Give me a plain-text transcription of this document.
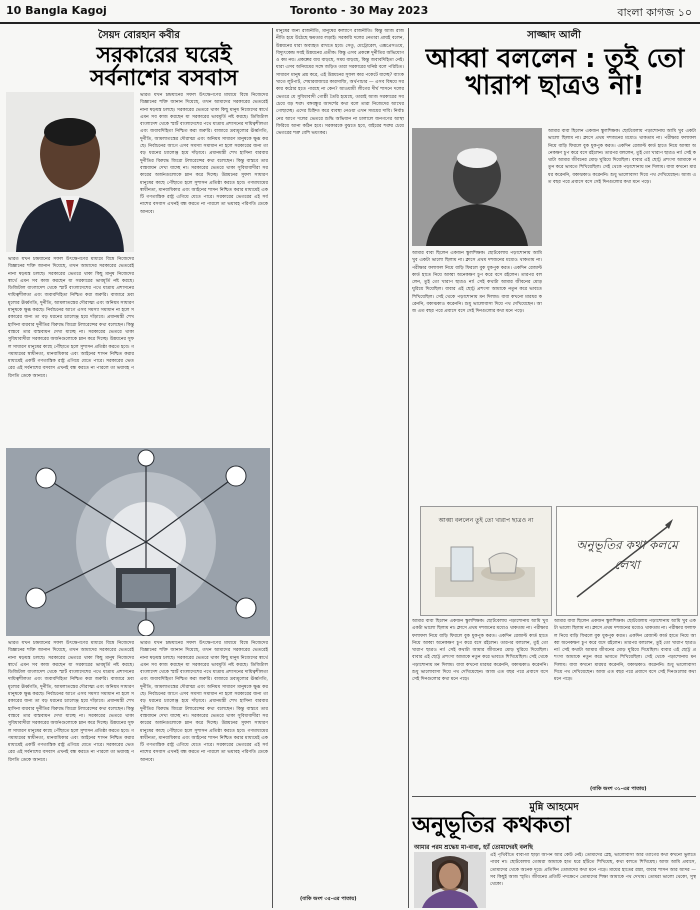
10 Bangla Kagoj	Toronto - 30 May 2023	বাংলা কাগজ ১০
সৈয়দ বোরহান কবীর
সরকারের ঘরেই সর্বনাশের বসবাস
ভারত যখন চন্দ্রযানের সফল উৎক্ষেপণের মাধ্যমে বিশ্বে নিজেদের বিজ্ঞানের শক্তি জানান দিয়েছে, তখন আমাদের সরকারের ভেতরেই নানা ষড়যন্ত্র চলছে। সরকারের ভেতরে থাকা কিছু মানুষ নিজেদের স্বার্থে এমন সব কাজ করছেন যা সরকারের ভাবমূর্তি নষ্ট করছে। ডিজিটাল বাংলাদেশ থেকে স্মার্ট বাংলাদেশের পথে যাত্রায় প্রশাসনের দায়িত্বশীলতা এবং জবাবদিহিতা নিশ্চিত করা জরুরি। বাজারে দ্রব্যমূল্যের ঊর্ধ্বগতি, দুর্নীতি, আমলাতন্ত্রের দৌরাত্ম্য এবং অনিয়ম সাধারণ মানুষকে ক্ষুব্ধ করছে। নির্বাচনের আগে এসব সমস্যা সমাধান না হলে সরকারের জন্য তা বড় ধরনের চ্যালেঞ্জ হয়ে দাঁড়াবে। প্রধানমন্ত্রী শেখ হাসিনা বারবার দুর্নীতির বিরুদ্ধে জিরো টলারেন্সের কথা বলেছেন। কিন্তু বাস্তবে তার বাস্তবায়ন দেখা যাচ্ছে না। সরকারের ভেতরে থাকা সুবিধাবাদীরা সরকারের অর্জনগুলোকে ম্লান করে দিচ্ছে। উন্নয়নের সুফল সাধারণ মানুষের কাছে পৌঁছাতে হলে সুশাসন প্রতিষ্ঠা করতে হবে। গণমাধ্যমের স্বাধীনতা, মানবাধিকার এবং আইনের শাসন নিশ্চিত করার মাধ্যমেই একটি গণতান্ত্রিক রাষ্ট্র এগিয়ে যেতে পারে। সরকারের ভেতরের এই সর্বনাশের বসবাস এখনই বন্ধ করতে না পারলে তা ভয়াবহ পরিণতি ডেকে আনবে।
ভারত যখন চন্দ্রযানের সফল উৎক্ষেপণের মাধ্যমে বিশ্বে নিজেদের বিজ্ঞানের শক্তি জানান দিয়েছে, তখন আমাদের সরকারের ভেতরেই নানা ষড়যন্ত্র চলছে। সরকারের ভেতরে থাকা কিছু মানুষ নিজেদের স্বার্থে এমন সব কাজ করছেন যা সরকারের ভাবমূর্তি নষ্ট করছে। ডিজিটাল বাংলাদেশ থেকে স্মার্ট বাংলাদেশের পথে যাত্রায় প্রশাসনের দায়িত্বশীলতা এবং জবাবদিহিতা নিশ্চিত করা জরুরি। বাজারে দ্রব্যমূল্যের ঊর্ধ্বগতি, দুর্নীতি, আমলাতন্ত্রের দৌরাত্ম্য এবং অনিয়ম সাধারণ মানুষকে ক্ষুব্ধ করছে। নির্বাচনের আগে এসব সমস্যা সমাধান না হলে সরকারের জন্য তা বড় ধরনের চ্যালেঞ্জ হয়ে দাঁড়াবে। প্রধানমন্ত্রী শেখ হাসিনা বারবার দুর্নীতির বিরুদ্ধে জিরো টলারেন্সের কথা বলেছেন। কিন্তু বাস্তবে তার বাস্তবায়ন দেখা যাচ্ছে না। সরকারের ভেতরে থাকা সুবিধাবাদীরা সরকারের অর্জনগুলোকে ম্লান করে দিচ্ছে। উন্নয়নের সুফল সাধারণ মানুষের কাছে পৌঁছাতে হলে সুশাসন প্রতিষ্ঠা করতে হবে। গণমাধ্যমের স্বাধীনতা, মানবাধিকার এবং আইনের শাসন নিশ্চিত করার মাধ্যমেই একটি গণতান্ত্রিক রাষ্ট্র এগিয়ে যেতে পারে। সরকারের ভেতরের এই সর্বনাশের বসবাস এখনই বন্ধ করতে না পারলে তা ভয়াবহ পরিণতি ডেকে আনবে।
ভারত যখন চন্দ্রযানের সফল উৎক্ষেপণের মাধ্যমে বিশ্বে নিজেদের বিজ্ঞানের শক্তি জানান দিয়েছে, তখন আমাদের সরকারের ভেতরেই নানা ষড়যন্ত্র চলছে। সরকারের ভেতরে থাকা কিছু মানুষ নিজেদের স্বার্থে এমন সব কাজ করছেন যা সরকারের ভাবমূর্তি নষ্ট করছে। ডিজিটাল বাংলাদেশ থেকে স্মার্ট বাংলাদেশের পথে যাত্রায় প্রশাসনের দায়িত্বশীলতা এবং জবাবদিহিতা নিশ্চিত করা জরুরি। বাজারে দ্রব্যমূল্যের ঊর্ধ্বগতি, দুর্নীতি, আমলাতন্ত্রের দৌরাত্ম্য এবং অনিয়ম সাধারণ মানুষকে ক্ষুব্ধ করছে। নির্বাচনের আগে এসব সমস্যা সমাধান না হলে সরকারের জন্য তা বড় ধরনের চ্যালেঞ্জ হয়ে দাঁড়াবে। প্রধানমন্ত্রী শেখ হাসিনা বারবার দুর্নীতির বিরুদ্ধে জিরো টলারেন্সের কথা বলেছেন। কিন্তু বাস্তবে তার বাস্তবায়ন দেখা যাচ্ছে না। সরকারের ভেতরে থাকা সুবিধাবাদীরা সরকারের অর্জনগুলোকে ম্লান করে দিচ্ছে। উন্নয়নের সুফল সাধারণ মানুষের কাছে পৌঁছাতে হলে সুশাসন প্রতিষ্ঠা করতে হবে। গণমাধ্যমের স্বাধীনতা, মানবাধিকার এবং আইনের শাসন নিশ্চিত করার মাধ্যমেই একটি গণতান্ত্রিক রাষ্ট্র এগিয়ে যেতে পারে। সরকারের ভেতরের এই সর্বনাশের বসবাস এখনই বন্ধ করতে না পারলে তা ভয়াবহ পরিণতি ডেকে আনবে।
ভারত যখন চন্দ্রযানের সফল উৎক্ষেপণের মাধ্যমে বিশ্বে নিজেদের বিজ্ঞানের শক্তি জানান দিয়েছে, তখন আমাদের সরকারের ভেতরেই নানা ষড়যন্ত্র চলছে। সরকারের ভেতরে থাকা কিছু মানুষ নিজেদের স্বার্থে এমন সব কাজ করছেন যা সরকারের ভাবমূর্তি নষ্ট করছে। ডিজিটাল বাংলাদেশ থেকে স্মার্ট বাংলাদেশের পথে যাত্রায় প্রশাসনের দায়িত্বশীলতা এবং জবাবদিহিতা নিশ্চিত করা জরুরি। বাজারে দ্রব্যমূল্যের ঊর্ধ্বগতি, দুর্নীতি, আমলাতন্ত্রের দৌরাত্ম্য এবং অনিয়ম সাধারণ মানুষকে ক্ষুব্ধ করছে। নির্বাচনের আগে এসব সমস্যা সমাধান না হলে সরকারের জন্য তা বড় ধরনের চ্যালেঞ্জ হয়ে দাঁড়াবে। প্রধানমন্ত্রী শেখ হাসিনা বারবার দুর্নীতির বিরুদ্ধে জিরো টলারেন্সের কথা বলেছেন। কিন্তু বাস্তবে তার বাস্তবায়ন দেখা যাচ্ছে না। সরকারের ভেতরে থাকা সুবিধাবাদীরা সরকারের অর্জনগুলোকে ম্লান করে দিচ্ছে। উন্নয়নের সুফল সাধারণ মানুষের কাছে পৌঁছাতে হলে সুশাসন প্রতিষ্ঠা করতে হবে। গণমাধ্যমের স্বাধীনতা, মানবাধিকার এবং আইনের শাসন নিশ্চিত করার মাধ্যমেই একটি গণতান্ত্রিক রাষ্ট্র এগিয়ে যেতে পারে। সরকারের ভেতরের এই সর্বনাশের বসবাস এখনই বন্ধ করতে না পারলে তা ভয়াবহ পরিণতি ডেকে আনবে।
মানুষের জন্য রাজনীতি, মানুষের কল্যাণে রাজনীতি। কিন্তু আজ রাজনীতি হয়ে উঠেছে ক্ষমতার লড়াই। সরকারি দলের নেতারা প্রায়ই বলেন, উন্নয়নের ধারা অব্যাহত রাখতে হবে। সেতু, মেট্রোরেল, এক্সপ্রেসওয়ে, বিদ্যুৎকেন্দ্র সবই উন্নয়নের প্রতীক। কিন্তু এসব প্রকল্পে দুর্নীতির অভিযোগও কম নয়। প্রকল্পের ব্যয় বাড়ছে, সময় বাড়ছে, কিন্তু জবাবদিহিতা নেই। যারা এসব অনিয়মের সঙ্গে জড়িত তারা সরকারের ঘনিষ্ঠ বলে পরিচিত। সাধারণ মানুষ প্রশ্ন করে, এই উন্নয়নের সুফল কার পকেটে যাচ্ছে? ব্যাংক খাতে লুটপাট, শেয়ারবাজারে কারসাজি, অর্থপাচার — এসব বিষয়ে সরকার কঠোর হতে পারছে না কেন? আওয়ামী লীগের দীর্ঘ শাসনে দলের ভেতরে যে সুবিধাবাদী গোষ্ঠী তৈরি হয়েছে, তারাই আজ সরকারের সবচেয়ে বড় শত্রু। বঙ্গবন্ধুর আদর্শের কথা বলে তারা নিজেদের আখের গোছাচ্ছে। এদের চিহ্নিত করে ব্যবস্থা নেওয়া এখন সময়ের দাবি। নির্বাচনের আগে দলের ভেতরে শুদ্ধি অভিযান না চালালে জনগণের আস্থা ফিরিয়ে আনা কঠিন হবে। সরকারকে বুঝতে হবে, বাইরের শত্রুর চেয়ে ভেতরের শত্রু বেশি ভয়ংকর।
(বাকি অংশ ৩৫-এর পাতায়)
সাজ্জাদ আলী
আব্বা বললেন : তুই তো খারাপ ছাত্রও না!
আমার বাবা ছিলেন একজন স্কুলশিক্ষক। ছোটবেলায় পড়াশোনায় আমি খুব একটা ভালো ছিলাম না। ক্লাসে প্রথম দশজনের মধ্যেও থাকতাম না। পরীক্ষার ফলাফল নিয়ে বাড়ি ফিরলে বুক ধুকপুক করত। একদিন রেজাল্ট কার্ড হাতে নিয়ে আব্বা অনেকক্ষণ চুপ করে বসে রইলেন। তারপর বললেন, তুই তো খারাপ ছাত্রও না! সেই কথাটা আমার জীবনের মোড় ঘুরিয়ে দিয়েছিল। বাবার এই ছোট্ট প্রশংসা আমাকে নতুন করে ভাবতে শিখিয়েছিল। সেই থেকে পড়াশোনায় মন দিলাম। বাবা কখনো মারধর করেননি, বকাঝকাও করেননি। শুধু ভালোবাসা দিয়ে পথ দেখিয়েছেন। আজ এত বছর পরে প্রবাসে বসে সেই দিনগুলোর কথা মনে পড়ে।
আমার বাবা ছিলেন একজন স্কুলশিক্ষক। ছোটবেলায় পড়াশোনায় আমি খুব একটা ভালো ছিলাম না। ক্লাসে প্রথম দশজনের মধ্যেও থাকতাম না। পরীক্ষার ফলাফল নিয়ে বাড়ি ফিরলে বুক ধুকপুক করত। একদিন রেজাল্ট কার্ড হাতে নিয়ে আব্বা অনেকক্ষণ চুপ করে বসে রইলেন। তারপর বললেন, তুই তো খারাপ ছাত্রও না! সেই কথাটা আমার জীবনের মোড় ঘুরিয়ে দিয়েছিল। বাবার এই ছোট্ট প্রশংসা আমাকে নতুন করে ভাবতে শিখিয়েছিল। সেই থেকে পড়াশোনায় মন দিলাম। বাবা কখনো মারধর করেননি, বকাঝকাও করেননি। শুধু ভালোবাসা দিয়ে পথ দেখিয়েছেন। আজ এত বছর পরে প্রবাসে বসে সেই দিনগুলোর কথা মনে পড়ে।
আব্বা বললেন তুই তো খারাপ ছাত্রও না
অনুভূতির কথা কলমে লেখা
আমার বাবা ছিলেন একজন স্কুলশিক্ষক। ছোটবেলায় পড়াশোনায় আমি খুব একটা ভালো ছিলাম না। ক্লাসে প্রথম দশজনের মধ্যেও থাকতাম না। পরীক্ষার ফলাফল নিয়ে বাড়ি ফিরলে বুক ধুকপুক করত। একদিন রেজাল্ট কার্ড হাতে নিয়ে আব্বা অনেকক্ষণ চুপ করে বসে রইলেন। তারপর বললেন, তুই তো খারাপ ছাত্রও না! সেই কথাটা আমার জীবনের মোড় ঘুরিয়ে দিয়েছিল। বাবার এই ছোট্ট প্রশংসা আমাকে নতুন করে ভাবতে শিখিয়েছিল। সেই থেকে পড়াশোনায় মন দিলাম। বাবা কখনো মারধর করেননি, বকাঝকাও করেননি। শুধু ভালোবাসা দিয়ে পথ দেখিয়েছেন। আজ এত বছর পরে প্রবাসে বসে সেই দিনগুলোর কথা মনে পড়ে।
আমার বাবা ছিলেন একজন স্কুলশিক্ষক। ছোটবেলায় পড়াশোনায় আমি খুব একটা ভালো ছিলাম না। ক্লাসে প্রথম দশজনের মধ্যেও থাকতাম না। পরীক্ষার ফলাফল নিয়ে বাড়ি ফিরলে বুক ধুকপুক করত। একদিন রেজাল্ট কার্ড হাতে নিয়ে আব্বা অনেকক্ষণ চুপ করে বসে রইলেন। তারপর বললেন, তুই তো খারাপ ছাত্রও না! সেই কথাটা আমার জীবনের মোড় ঘুরিয়ে দিয়েছিল। বাবার এই ছোট্ট প্রশংসা আমাকে নতুন করে ভাবতে শিখিয়েছিল। সেই থেকে পড়াশোনায় মন দিলাম। বাবা কখনো মারধর করেননি, বকাঝকাও করেননি। শুধু ভালোবাসা দিয়ে পথ দেখিয়েছেন। আজ এত বছর পরে প্রবাসে বসে সেই দিনগুলোর কথা মনে পড়ে।
(বাকি অংশ ৩১-এর পাতায়)
মুন্নি আহমেদ
অনুভূতির কথকতা
আমার পরম শ্রদ্ধেয় মা-বাবা, হ্যাঁ তোমাদেরই বলছি
এই পৃথিবীতে বাবা-মা ছাড়া আপন আর কেউ নেই। তোমাদের স্নেহ, ভালোবাসা আর ত্যাগের কথা কখনো ভুলতে পারব না। ছোটবেলায় তোমরা আমাকে হাত ধরে হাঁটতে শিখিয়েছ, কথা বলতে শিখিয়েছ। আজ আমি প্রবাসে, তোমাদের থেকে অনেক দূরে। প্রতিদিন তোমাদের কথা মনে পড়ে। মায়ের হাতের রান্না, বাবার শাসন আর আদর — সব কিছুই আজ স্মৃতি। জীবনের প্রতিটি পদক্ষেপে তোমাদের শিক্ষা আমাকে পথ দেখায়। তোমরা ভালো থেকো, সুস্থ থেকো।
